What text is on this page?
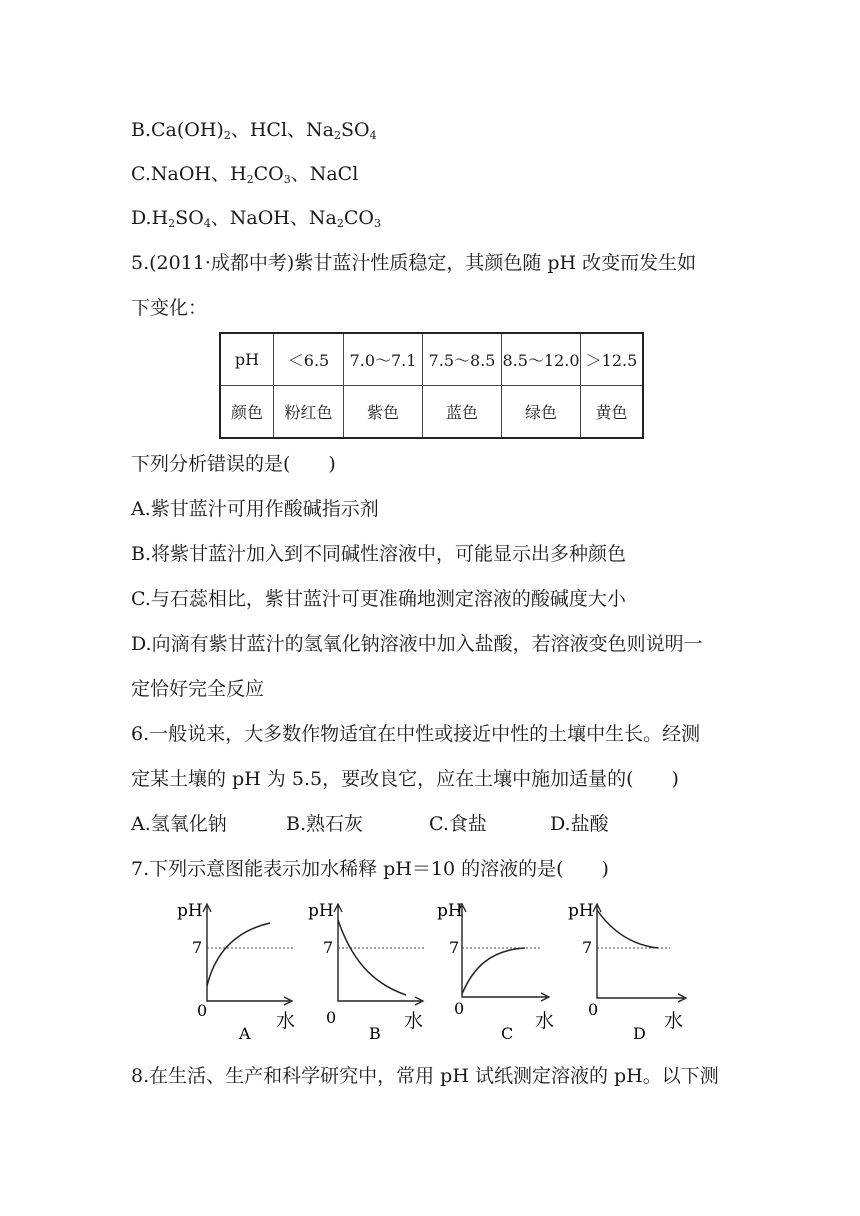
$B.Ca(OH)_2$、HCl、$Na_2SO_4$
C.NaOH、$H_2CO_3$、NaCl
$D.H_2SO_4$、NaOH、$Na_2CO_3$
5.(2011·成都中考)紫甘蓝汁性质稳定，其颜色随 pH 改变而发生如
下变化：
pH	＜6.5	7.0～7.1	7.5～8.5	8.5～12.0	＞12.5
颜色	粉红色	紫色	蓝色	绿色	黄色
下列分析错误的是(　　)
A.紫甘蓝汁可用作酸碱指示剂
B.将紫甘蓝汁加入到不同碱性溶液中，可能显示出多种颜色
C.与石蕊相比，紫甘蓝汁可更准确地测定溶液的酸碱度大小
D.向滴有紫甘蓝汁的氢氧化钠溶液中加入盐酸，若溶液变色则说明一
定恰好完全反应
6.一般说来，大多数作物适宜在中性或接近中性的土壤中生长。经测
定某土壤的 pH 为 5.5，要改良它，应在土壤中施加适量的(　　)
A.氢氧化钠	B.熟石灰	C.食盐	D.盐酸
7.下列示意图能表示加水稀释 pH＝10 的溶液的是(　　)
pH
7
0	水
A
pH
7
0	水
B
pH
7
0
水
C
pH
7
0
水
D
8.在生活、生产和科学研究中，常用 pH 试纸测定溶液的 pH。以下测
